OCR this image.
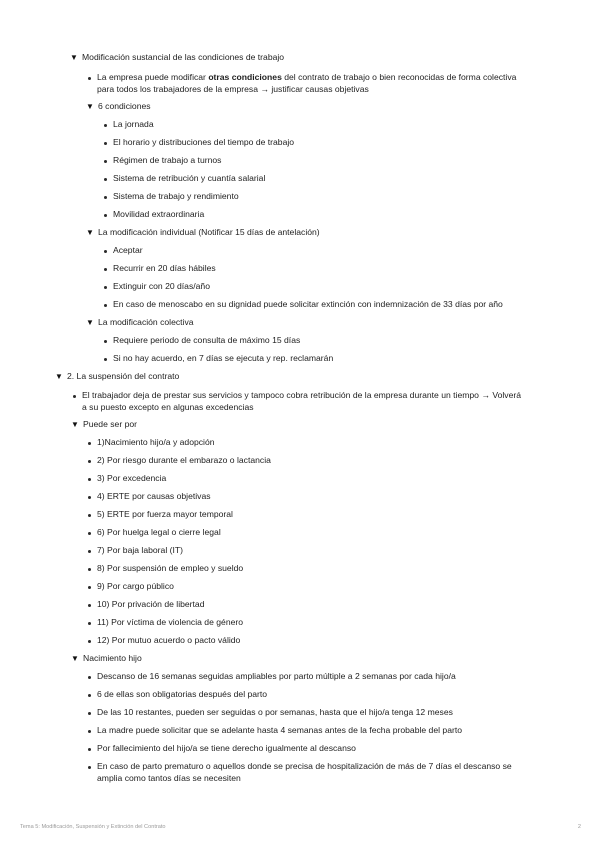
▼ Modificación sustancial de las condiciones de trabajo
La empresa puede modificar otras condiciones del contrato de trabajo o bien reconocidas de forma colectiva
para todos los trabajadores de la empresa → justificar causas objetivas
▼ 6 condiciones
La jornada
El horario y distribuciones del tiempo de trabajo
Régimen de trabajo a turnos
Sistema de retribución y cuantía salarial
Sistema de trabajo y rendimiento
Movilidad extraordinaria
▼ La modificación individual (Notificar 15 días de antelación)
Aceptar
Recurrir en 20 días hábiles
Extinguir con 20 días/año
En caso de menoscabo en su dignidad puede solicitar extinción con indemnización de 33 días por año
▼ La modificación colectiva
Requiere periodo de consulta de máximo 15 días
Si no hay acuerdo, en 7 días se ejecuta y rep. reclamarán
▼ 2. La suspensión del contrato
El trabajador deja de prestar sus servicios y tampoco cobra retribución de la empresa durante un tiempo → Volverá
a su puesto excepto en algunas excedencias
▼ Puede ser por
1)Nacimiento hijo/a y adopción
2) Por riesgo durante el embarazo o lactancia
3) Por excedencia
4) ERTE por causas objetivas
5) ERTE por fuerza mayor temporal
6) Por huelga legal o cierre legal
7) Por baja laboral (IT)
8) Por suspensión de empleo y sueldo
9) Por cargo público
10) Por privación de libertad
11) Por víctima de violencia de género
12) Por mutuo acuerdo o pacto válido
▼ Nacimiento hijo
Descanso de 16 semanas seguidas ampliables por parto múltiple a 2 semanas por cada hijo/a
6 de ellas son obligatorias después del parto
De las 10 restantes, pueden ser seguidas o por semanas, hasta que el hijo/a tenga 12 meses
La madre puede solicitar que se adelante hasta 4 semanas antes de la fecha probable del parto
Por fallecimiento del hijo/a se tiene derecho igualmente al descanso
En caso de parto prematuro o aquellos donde se precisa de hospitalización de más de 7 días el descanso se
amplia como tantos días se necesiten
Tema 5: Modificación, Suspensión y Extinción del Contrato	2
